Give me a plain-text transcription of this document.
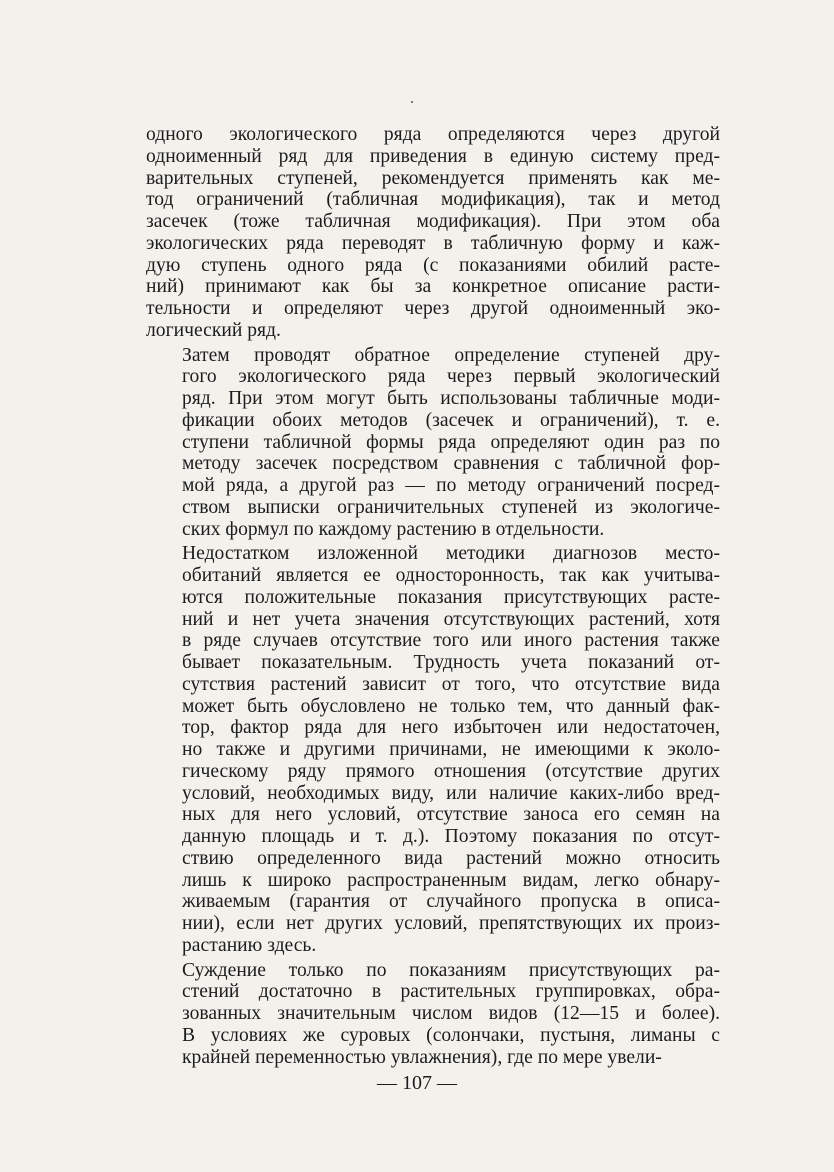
одного экологического ряда определяются через другой
одноименный ряд для приведения в единую систему пред-
варительных ступеней, рекомендуется применять как ме-
тод ограничений (табличная модификация), так и метод
засечек (тоже табличная модификация). При этом оба
экологических ряда переводят в табличную форму и каж-
дую ступень одного ряда (с показаниями обилий расте-
ний) принимают как бы за конкретное описание расти-
тельности и определяют через другой одноименный эко-
логический ряд.

Затем проводят обратное определение ступеней дру-
гого экологического ряда через первый экологический
ряд. При этом могут быть использованы табличные моди-
фикации обоих методов (засечек и ограничений), т. е.
ступени табличной формы ряда определяют один раз по
методу засечек посредством сравнения с табличной фор-
мой ряда, а другой раз — по методу ограничений посред-
ством выписки ограничительных ступеней из экологиче-
ских формул по каждому растению в отдельности.

Недостатком изложенной методики диагнозов место-
обитаний является ее односторонность, так как учитыва-
ются положительные показания присутствующих расте-
ний и нет учета значения отсутствующих растений, хотя
в ряде случаев отсутствие того или иного растения также
бывает показательным. Трудность учета показаний от-
сутствия растений зависит от того, что отсутствие вида
может быть обусловлено не только тем, что данный фак-
тор, фактор ряда для него избыточен или недостаточен,
но также и другими причинами, не имеющими к эколо-
гическому ряду прямого отношения (отсутствие других
условий, необходимых виду, или наличие каких-либо вред-
ных для него условий, отсутствие заноса его семян на
данную площадь и т. д.). Поэтому показания по отсут-
ствию определенного вида растений можно относить
лишь к широко распространенным видам, легко обнару-
живаемым (гарантия от случайного пропуска в описа-
нии), если нет других условий, препятствующих их произ-
растанию здесь.

Суждение только по показаниям присутствующих ра-
стений достаточно в растительных группировках, обра-
зованных значительным числом видов (12—15 и более).
В условиях же суровых (солончаки, пустыня, лиманы с
крайней переменностью увлажнения), где по мере увели-

— 107 —
